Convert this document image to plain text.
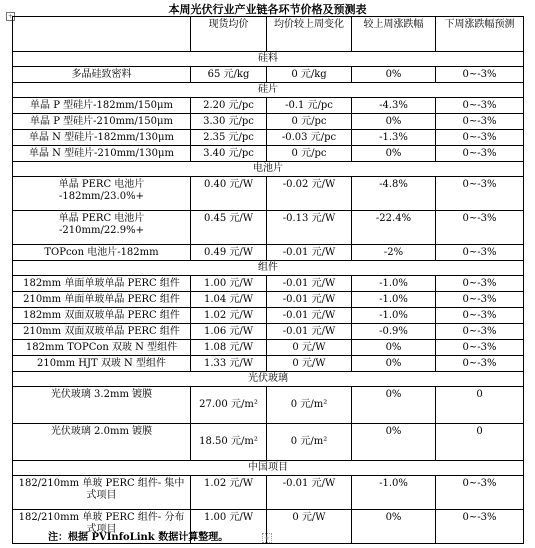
+
本周光伏行业产业链各环节价格及预测表
	现货均价	均价较上周变化	较上周涨跌幅	下周涨跌幅预测
硅料				
多晶硅致密料	65 元/kg	0 元/kg	0%	0~-3%
硅片				
单晶 P 型硅片-182mm/150μm	2.20 元/pc	-0.1 元/pc	-4.3%	0~-3%
单晶 P 型硅片-210mm/150μm	3.30 元/pc	0 元/pc	0%	0~-3%
单晶 N 型硅片-182mm/130μm	2.35 元/pc	-0.03 元/pc	-1.3%	0~-3%
单晶 N 型硅片-210mm/130μm	3.40 元/pc	0 元/pc	0%	0~-3%
电池片				
单晶 PERC 电池片 -182mm/23.0%+	0.40 元/W	-0.02 元/W	-4.8%	0~-3%
单晶 PERC 电池片 -210mm/22.9%+	0.45 元/W	-0.13 元/W	-22.4%	0~-3%
TOPcon 电池片-182mm	0.49 元/W	-0.01 元/W	-2%	0~-3%
组件				
182mm 单面单玻单晶 PERC 组件	1.00 元/W	-0.01 元/W	-1.0%	0~-3%
210mm 单面单玻单晶 PERC 组件	1.04 元/W	-0.01 元/W	-1.0%	0~-3%
182mm 双面双玻单晶 PERC 组件	1.02 元/W	-0.01 元/W	-1.0%	0~-3%
210mm 双面双玻单晶 PERC 组件	1.06 元/W	-0.01 元/W	-0.9%	0~-3%
182mm TOPCon 双玻 N 型组件	1.08 元/W	0 元/W	0%	0~-3%
210mm HJT 双玻 N 型组件	1.33 元/W	0 元/W	0%	0~-3%
光伏玻璃				
光伏玻璃 3.2mm 镀膜	27.00 元/m²	0 元/m²	0%	0
光伏玻璃 2.0mm 镀膜	18.50 元/m²	0 元/m²	0%	0
中国项目				
182/210mm 单玻 PERC 组件- 集中式项目	1.02 元/W	-0.01 元/W	-1.0%	0~-3%
182/210mm 单玻 PERC 组件- 分布式项目	1.00 元/W	0 元/W	0%	0~-3%
注：根据 PVInfoLink 数据计算整理。	+
